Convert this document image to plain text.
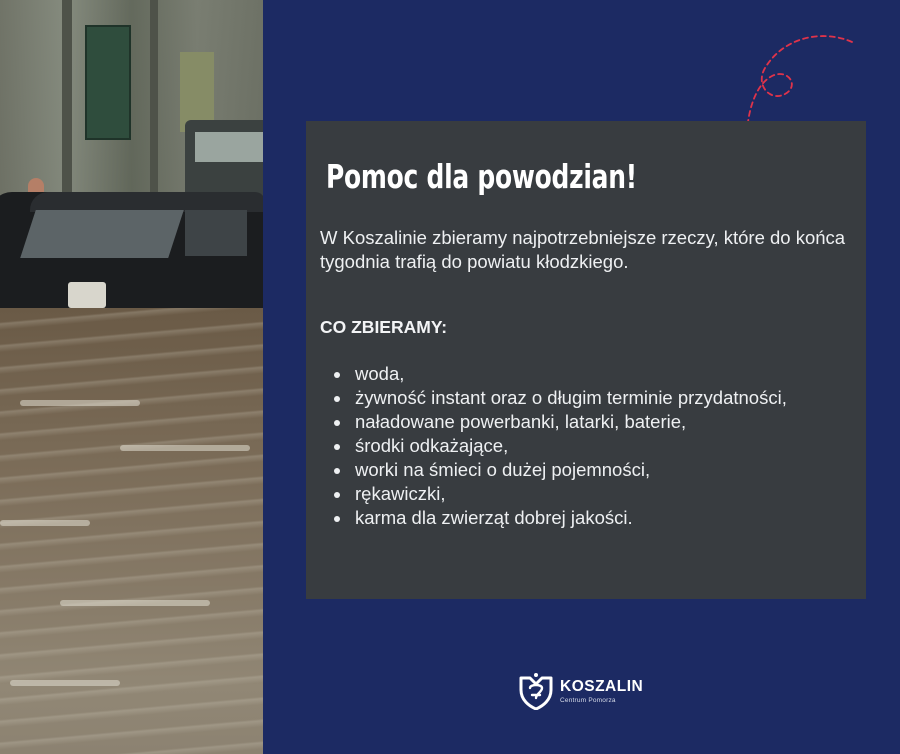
Pomoc dla powodzian!

W Koszalinie zbieramy najpotrzebniejsze rzeczy, które do końca tygodnia trafią do powiatu kłodzkiego.

CO ZBIERAMY:
woda,
żywność instant oraz o długim terminie przydatności,
naładowane powerbanki, latarki, baterie,
środki odkażające,
worki na śmieci o dużej pojemności,
rękawiczki,
karma dla zwierząt dobrej jakości.
KOSZALIN
Centrum Pomorza
